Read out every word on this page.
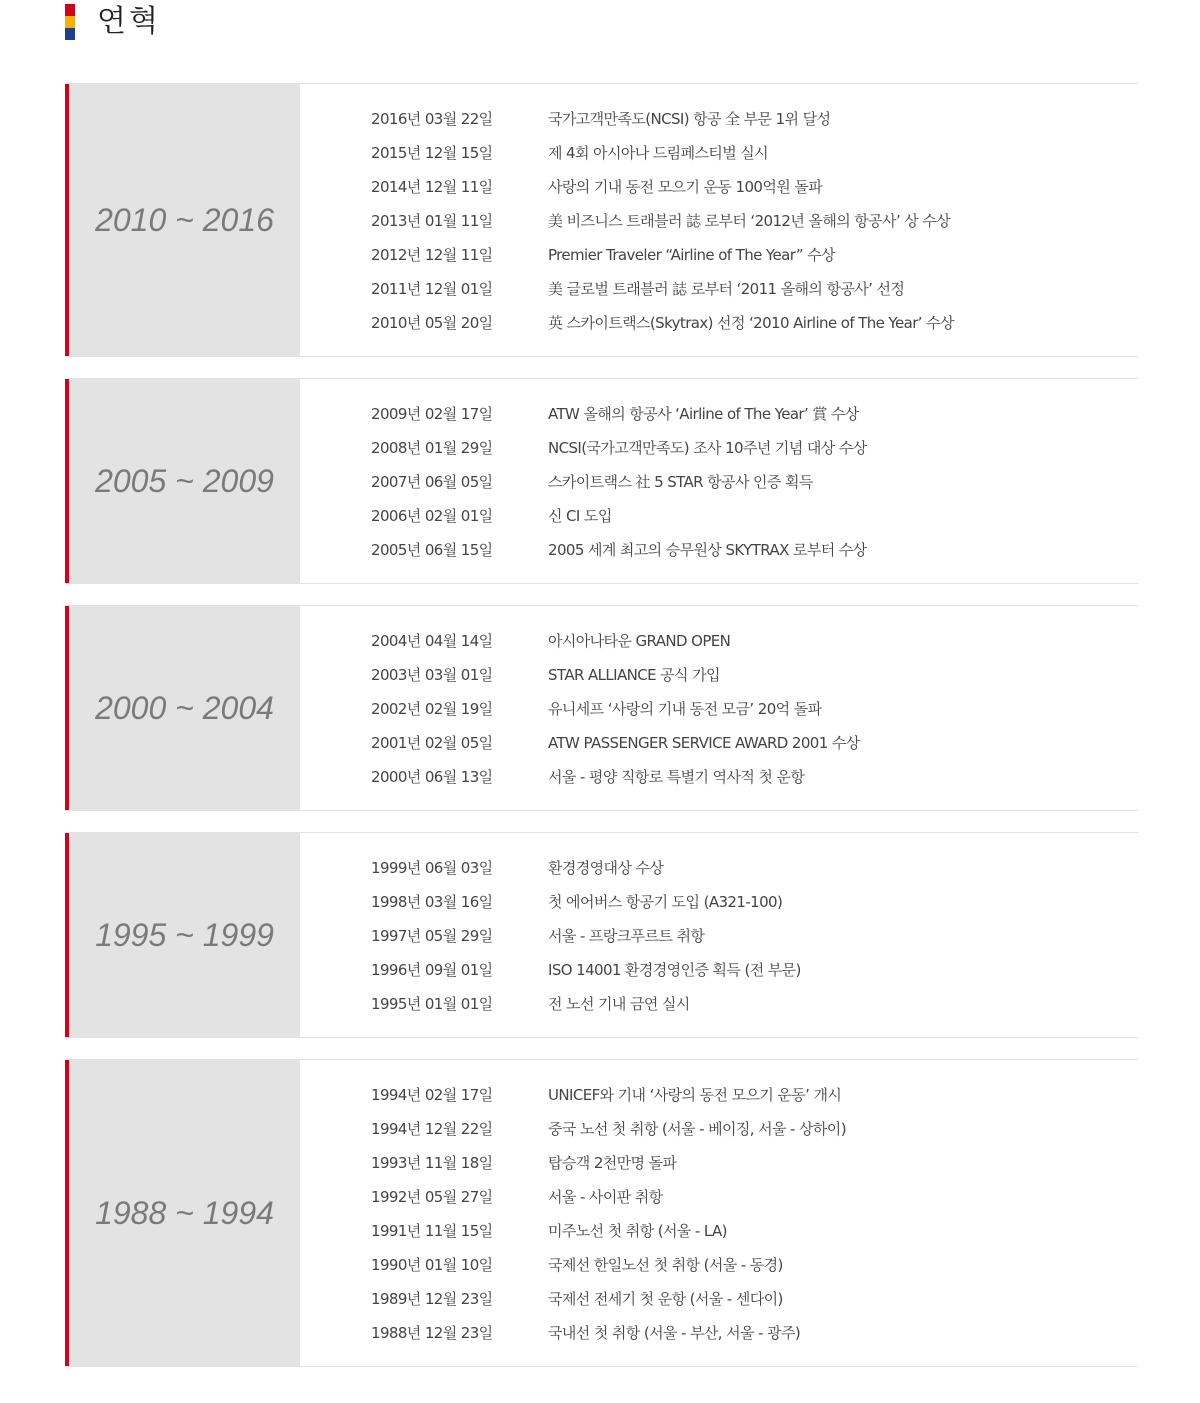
연혁
2010 ~ 2016
2016년 03월 22일	국가고객만족도(NCSI) 항공 全 부문 1위 달성
2015년 12월 15일	제 4회 아시아나 드림페스티벌 실시
2014년 12월 11일	사랑의 기내 동전 모으기 운동 100억원 돌파
2013년 01월 11일	美 비즈니스 트래블러 誌 로부터 ‘2012년 올해의 항공사’ 상 수상
2012년 12월 11일	Premier Traveler “Airline of The Year” 수상
2011년 12월 01일	美 글로벌 트래블러 誌 로부터 ‘2011 올해의 항공사’ 선정
2010년 05월 20일	英 스카이트랙스(Skytrax) 선정 ‘2010 Airline of The Year’ 수상
2005 ~ 2009
2009년 02월 17일	ATW 올해의 항공사 ‘Airline of The Year’ 賞 수상
2008년 01월 29일	NCSI(국가고객만족도) 조사 10주년 기념 대상 수상
2007년 06월 05일	스카이트랙스 社 5 STAR 항공사 인증 획득
2006년 02월 01일	신 CI 도입
2005년 06월 15일	2005 세계 최고의 승무원상 SKYTRAX 로부터 수상
2000 ~ 2004
2004년 04월 14일	아시아나타운 GRAND OPEN
2003년 03월 01일	STAR ALLIANCE 공식 가입
2002년 02월 19일	유니세프 ‘사랑의 기내 동전 모금’ 20억 돌파
2001년 02월 05일	ATW PASSENGER SERVICE AWARD 2001 수상
2000년 06월 13일	서울 - 평양 직항로 특별기 역사적 첫 운항
1995 ~ 1999
1999년 06월 03일	환경경영대상 수상
1998년 03월 16일	첫 에어버스 항공기 도입 (A321-100)
1997년 05월 29일	서울 - 프랑크푸르트 취항
1996년 09월 01일	ISO 14001 환경경영인증 획득 (전 부문)
1995년 01월 01일	전 노선 기내 금연 실시
1988 ~ 1994
1994년 02월 17일	UNICEF와 기내 ‘사랑의 동전 모으기 운동’ 개시
1994년 12월 22일	중국 노선 첫 취항 (서울 - 베이징, 서울 - 상하이)
1993년 11월 18일	탑승객 2천만명 돌파
1992년 05월 27일	서울 - 사이판 취항
1991년 11월 15일	미주노선 첫 취항 (서울 - LA)
1990년 01월 10일	국제선 한일노선 첫 취항 (서울 - 동경)
1989년 12월 23일	국제선 전세기 첫 운항 (서울 - 센다이)
1988년 12월 23일	국내선 첫 취항 (서울 - 부산, 서울 - 광주)
